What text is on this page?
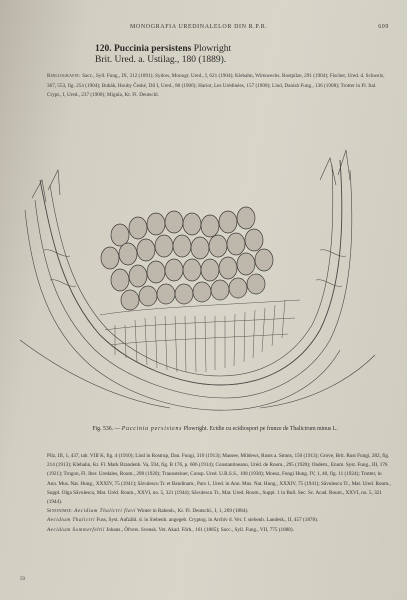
MONOGRAFIA UREDINALELOR DIN R.P.R.	609
120. Puccinia persistens Plowright
Brit. Ured. a. Ustilag., 180 (1889).
Bibliografie: Sacc., Syll. Fung., IX, 312 (1891); Sydow, Monogr. Ured., I, 621 (1904); Klebahn, Wirtswechs. Rostpilze, 291 (1904); Fischer, Ured. d. Schweiz, 367, 553, fig. 254 (1904); Bubák, Houby České, Díl I, Ured., 80 (1906); Hariot, Les Urédinées, 157 (1908); Lind, Danish Fung., 136 (1908); Trotter in Fl. Ital. Crypt., I, Ured., 237 (1908); Migula, Kr. Fl. Deutschl.
Fig. 536. — Puccinia persistens Plowright. Ecidie cu ecidiospori pe frunze de Thalictrum minus L.

Pilz, III, 1, 437, tab. VIII K, fig. 4 (1910); Lind in Rostrup, Dan. Fungi, 310 (1913); Massee, Mildews, Rusts a. Smuts, 150 (1913); Grove, Brit. Rust Fungi, 282, fig. 214 (1913); Klebahn, Kr. Fl. Mark Brandenb. Va, 594, fig. B 176, p. 606 (1914); Constantineanu, Uréd. de Roum., 295 (1920); Ondem., Enum. Syst. Fung., III, 176 (1921); Trogon, Fl. Iber. Uredales, Roum., 298 (1920); Traunsteiner, Consp. Ured. U.R.S.S., 108 (1930); Moesz, Fungi Hung. IV, 1, 40, fig. 11 (1924); Trotter, in Ann. Mus. Nat. Hung., XXXIV, 75 (1941); Săvulescu Tr. et Bandinam., Pars 1, Ured. in Ann. Mus. Nat. Hung., XXXIV, 75 (1941); Săvulescu Tr., Mat. Ured. Roum., Suppl. Olga Săvulescu, Mat. Uréd. Roum., XXVI, no. 5, 321 (1944); Săvulescu Tr., Mat. Ured. Roum., Suppl. 1 in Bull. Sec. Sc. Acad. Roum., XXVI, no. 5, 321 (1944).

Sinonimie: Aecidium Thalictri flavi Winter in Rabenh., Kr. Fl. Deutschl., I, 1, 269 (1884).

Aecidium Thalictri Fuss, Syst. Aufzähl. d. in Siebenb. angegeb. Cryptog. in Archiv d. Ver. f. siebenb. Landesk., II, 457 (1878).

Aecidium Sommerfeltii Johans., Öfvers. Svensk. Vet. Akad. Förh., 161 (1885); Sacc., Syll. Fung., VII, 775 (1888).

59
